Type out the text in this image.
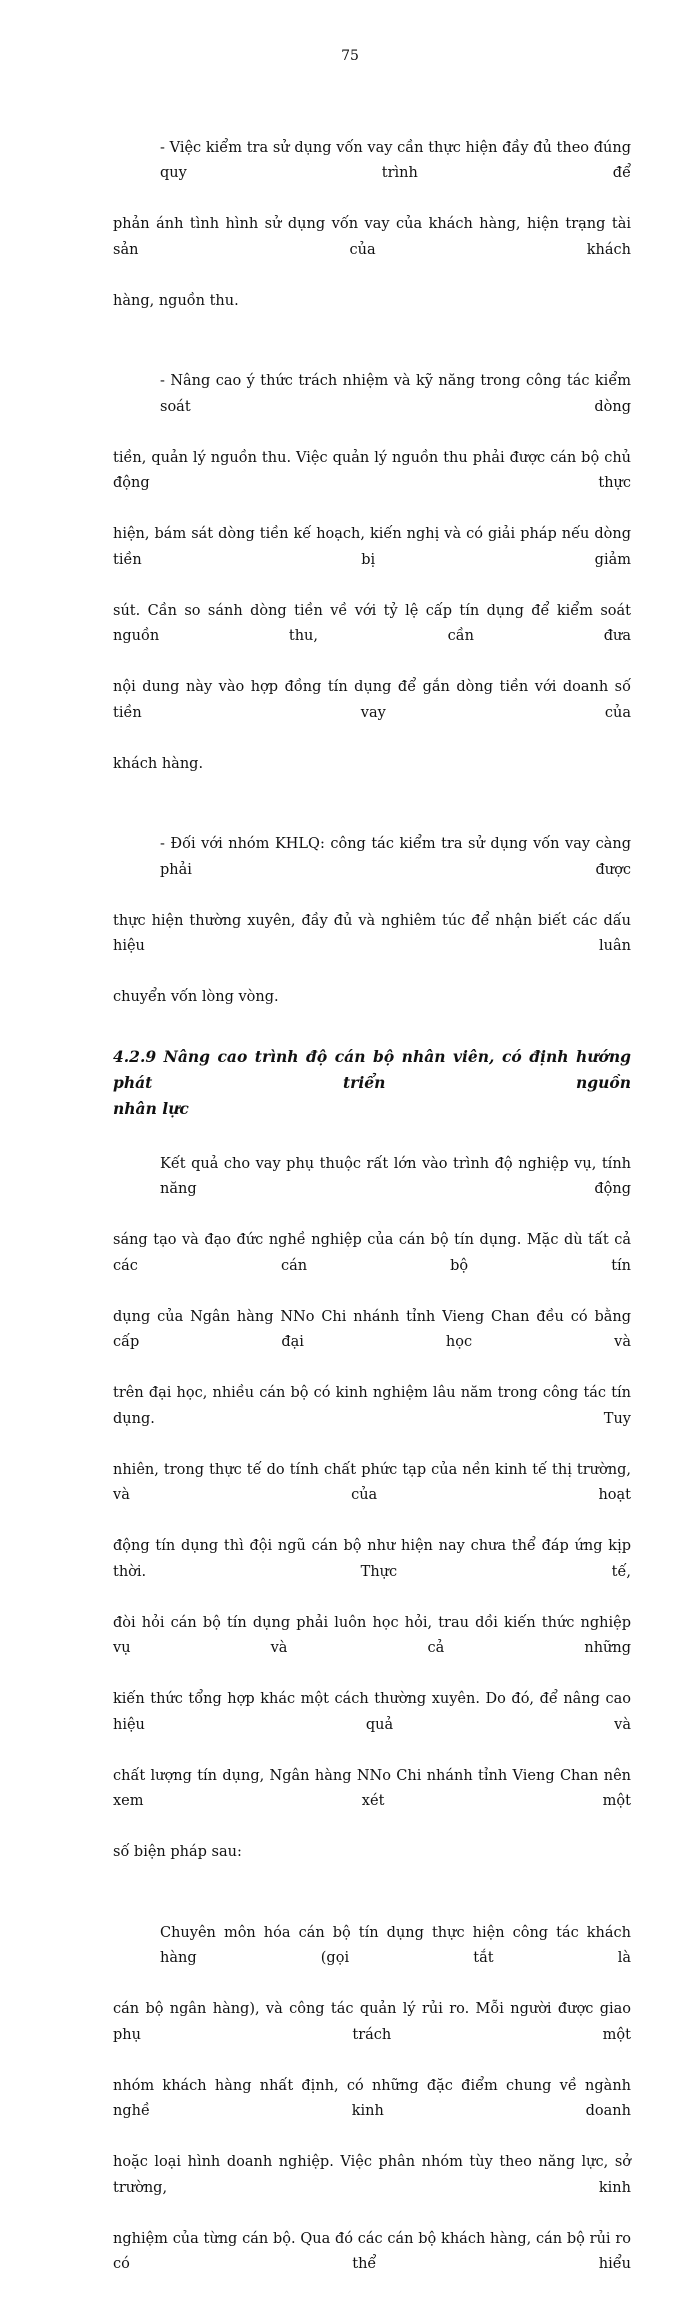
75

- Việc kiểm tra sử dụng vốn vay cần thực hiện đầy đủ theo đúng quy trình để

phản ánh tình hình sử dụng vốn vay của khách hàng, hiện trạng tài sản của khách

hàng, nguồn thu.

- Nâng cao ý thức trách nhiệm và kỹ năng trong công tác kiểm soát dòng

tiền, quản lý nguồn thu. Việc quản lý nguồn thu phải được cán bộ chủ động thực

hiện, bám sát dòng tiền kế hoạch, kiến nghị và có giải pháp nếu dòng tiền bị giảm

sút. Cần so sánh dòng tiền về với tỷ lệ cấp tín dụng để kiểm soát nguồn thu, cần đưa

nội dung này vào hợp đồng tín dụng để gắn dòng tiền với doanh số tiền vay của

khách hàng.

- Đối với nhóm KHLQ: công tác kiểm tra sử dụng vốn vay càng phải được

thực hiện thường xuyên, đầy đủ và nghiêm túc để nhận biết các dấu hiệu luân

chuyển vốn lòng vòng.

4.2.9 Nâng cao trình độ cán bộ nhân viên, có định hướng phát triển nguồn
nhân lực

Kết quả cho vay phụ thuộc rất lớn vào trình độ nghiệp vụ, tính năng động

sáng tạo và đạo đức nghề nghiệp của cán bộ tín dụng. Mặc dù tất cả các cán bộ tín

dụng của Ngân hàng NNo Chi nhánh tỉnh Vieng Chan đều có bằng cấp đại học và

trên đại học, nhiều cán bộ có kinh nghiệm lâu năm trong công tác tín dụng. Tuy

nhiên, trong thực tế do tính chất phức tạp của nền kinh tế thị trường, và của hoạt

động tín dụng thì đội ngũ cán bộ như hiện nay chưa thể đáp ứng kịp thời. Thực tế,

đòi hỏi cán bộ tín dụng phải luôn học hỏi, trau dồi kiến thức nghiệp vụ và cả những

kiến thức tổng hợp khác một cách thường xuyên. Do đó, để nâng cao hiệu quả và

chất lượng tín dụng, Ngân hàng NNo Chi nhánh tỉnh Vieng Chan nên xem xét một

số biện pháp sau:

Chuyên môn hóa cán bộ tín dụng thực hiện công tác khách hàng (gọi tắt là

cán bộ ngân hàng), và công tác quản lý rủi ro. Mỗi người được giao phụ trách một

nhóm khách hàng nhất định, có những đặc điểm chung về ngành nghề kinh doanh

hoặc loại hình doanh nghiệp. Việc phân nhóm tùy theo năng lực, sở trường, kinh

nghiệm của từng cán bộ. Qua đó các cán bộ khách hàng, cán bộ rủi ro có thể hiểu
